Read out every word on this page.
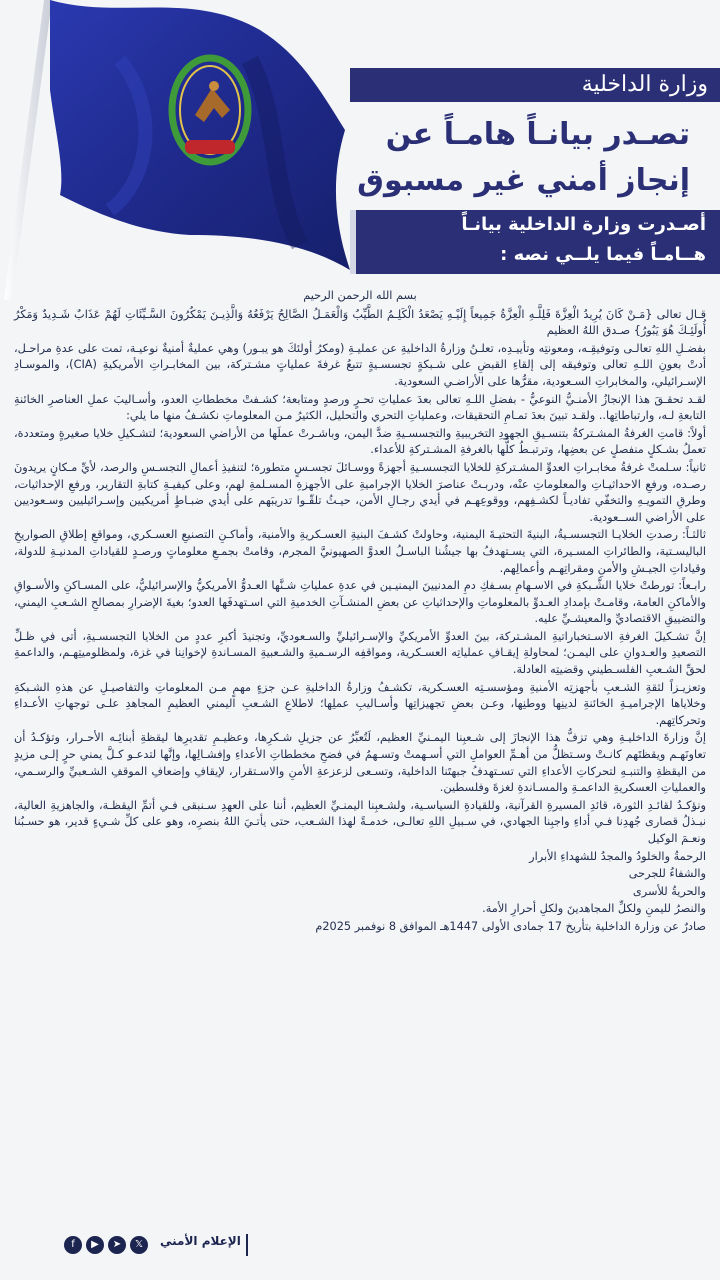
وزارة الداخلية
تصـدر بيانـاً هامـاً عن
إنجاز أمني غير مسبوق
أصـدرت وزارة الداخلية بيانـاً
هــامـاً فيما يلــي نصه :

بسم الله الرحمن الرحيم

قـال تعالى {مَـنْ كَانَ يُرِيدُ الْعِزَّةَ فَلِلَّـهِ الْعِزَّةُ جَمِيعاً إِلَيْـهِ يَصْعَدُ الْكَلِـمُ الطَّيِّبُ وَالْعَمَـلُ الصَّالِحُ يَرْفَعُهُ وَالَّذِيـنَ يَمْكُرُونَ السَّـيِّئَاتِ لَهُمْ عَذَابٌ شَـدِيدٌ وَمَكْرُ أُولَئِـكَ هُوَ يَبُورُ} صـدق اللهُ العظيم

بفضـلِ اللهِ تعالـى وتوفيقِـه، ومعونتِه وتأييـدِه، تعلـنُ وزارةُ الداخليةِ عن عمليـةِ (ومكرُ أولئكَ هو يبـور) وهي عمليةٌ أمنيةٌ نوعيـة، تمت على عدةِ مراحـل، أدتْ بعونِ اللـهِ تعالى وتوفيقه إلى إلقاءِ القبضِ على شـبكةٍ تجسسـيةٍ تتبعُ غرفةَ عملياتٍ مشـتركة، بين المخابـراتِ الأمريكيةِ (CIA)، والموسـادِ الإسـرائيلي، والمخابراتِ السـعودية، مقرُّها على الأراضـي السعودية.

لقـد تحقـقَ هذا الإنجازُ الأمنـيُّ النوعيُّ - بفضلِ اللـهِ تعالى بعدَ عملياتِ تحـرٍ ورصدٍ ومتابعة؛ كشـفتْ مخططاتِ العدو، وأسـاليبَ عملِ العناصرِ الخائنةِ التابعةِ لـه، وارتباطاتِها.. ولقـد تبينَ بعدَ تمـامِ التحقيقات، وعملياتِ التحري والتحليل، الكثيرُ مـن المعلوماتِ نكشـفُ منها ما يلي:

أولاً: قامتِ الغرفةُ المشـتركةُ بتنسـيقِ الجهودِ التخريبيةِ والتجسسـيةِ ضدَّ اليمن، وباشـرتْ عملَها من الأراضي السعودية؛ لتشـكيلِ خلايا صغيرةٍ ومتعددة، تعملُ بشـكلٍ منفصلٍ عن بعضِها، وترتبـطُ كلُّها بالغرفةِ المشـتركةِ للأعداء.

ثانياً: سـلمتْ غرفةُ مخابـراتِ العدوِّ المشـتركةِ للخلايا التجسسـيةِ أجهزةً ووسـائلَ تجسـسٍ متطورة؛ لتنفيذِ أعمالِ التجسـسِ والرصد، لأيِّ مـكانٍ يريدونَ رصـده، ورفعِ الاحداثيـاتِ والمعلوماتِ عنْه، ودربـتْ عناصرَ الخلايا الإجراميةِ على الأجهزةِ المسـلمةِ لهم، وعلى كيفيـةِ كتابةِ التقارير، ورفعِ الإحداثيات، وطرقِ التمويـهِ والتخفّي تفاديـاً لكشـفِهم، ووقوعِهـم في أيدي رجـالِ الأمن، حيـثُ تلقّـوا تدريبَهم على أيدي ضبـاطٍ أمريكيين وإسـرائيليين وسـعوديين على الأراضي الســعودية.

ثالثـاً: رصدتِ الخلايـا التجسسـيةُ، البنيةَ التحتيـةَ اليمنية، وحاولتْ كشـفَ البنيةِ العسـكريةِ والأمنية، وأماكـنِ التصنيعِ العسـكري، ومواقعِ إطلاقِ الصواريخِ الباليسـتية، والطائراتِ المسـيرة، التي يسـتهدفُ بها جيشُنا الباسـلُ العدوَّ الصهيونيَّ المجرم، وقامتْ بجمـعِ معلوماتٍ ورصـدٍ للقياداتِ المدنيـةِ للدولة، وقياداتِ الجيـشِ والأمنِ ومقراتِهـم وأعمالِهم.

رابـعاً: تورطتْ خلايا الشَّـبكةِ في الاسـهامِ بسـفكِ دمِ المدنيينَ اليمنيـين في عدةِ عملياتِ شـنَّها العـدوُّ الأمريكيُّ والإسرائيليُّ، على المسـاكنِ والأسـواقِ والأماكنِ العامة، وقامـتْ بإمدادِ العـدوِّ بالمعلوماتِ والإحداثياتِ عن بعضِ المنشـآتِ الخدميةِ التي اسـتهدفَها العدو؛ بغيةَ الإضرارِ بمصالحِ الشـعبِ اليمني، والتضييقِ الاقتصاديِّ والمعيشـيِّ عليه.

إنَّ تشـكيلَ الغرفةِ الاسـتخباراتيةِ المشـتركة، بينَ العدوِّ الأمريكيِّ والإسـرائيليِّ والسـعوديِّ، وتجنيدَ أكبرِ عددٍ من الخلايا التجسسـيةِ، أتى في ظـلِّ التصعيدِ والعـدوانِ على اليمـن؛ لمحاولةِ إيقـافِ عملياتِه العسـكرية، ومواقفِه الرسـميةِ والشـعبيةِ المسـاندةِ لإخوانِنا في غزة، ولمظلوميتِهـم، والداعمةِ لحقِّ الشـعبِ الفلسـطيني وقضيتِه العادلة.

وتعزيـزاً لثقةِ الشـعبِ بأجهزتِه الأمنيةِ ومؤسسـتِه العسـكرية، تكشـفُ وزارةُ الداخليةِ عـن جزءٍ مهمٍ مـن المعلوماتِ والتفاصيـلِ عن هذهِ الشـبكةِ وخلاياها الإجراميـةِ الخائنةِ لدينِها ووطنِها، وعـن بعضِ تجهيزاتِها وأسـاليبِ عملِها؛ لاطلاعِ الشـعبِ اليمني العظيمِ المجاهدِ علـى توجهاتِ الأعـداءِ وتحركاتِهم.

إنَّ وزارةَ الداخليـةِ وهي تزفُّ هذا الإنجازَ إلى شـعبِنا اليمـنيِّ العظيم، لَتُعبِّرُ عن جزيلِ شـكرِها، وعظيـمِ تقديرِها ليقظةِ أبنائِـه الأحـرار، وتؤكـدُ أن تعاونَهـم ويقظتَهم كانـتْ وسـتظلُّ من أهـمِّ العواملِ التي أسـهمتْ وتسـهمُ في فضحِ مخططاتِ الأعداءِ وإفشـالِها، وإنَّها لتدعـو كـلَّ يمني حرٍ إلـى مزيدٍ من اليقظةِ والتنبـهِ لتحركاتِ الأعداءِ التي تسـتهدفُ جبهتَنا الداخلية، وتسـعى لزعزعةِ الأمنِ والاسـتقرار، لإيقافِ وإضعافِ الموقفِ الشـعبيِّ والرسـمي، والعملياتِ العسكريةِ الداعمـةِ والمسـاندةِ لغزةَ وفلسطين.

ونؤكـدُ لقائـدِ الثورة، قائدِ المسيرةِ القرآنية، وللقيادةِ السياسـية، ولشـعبِنا اليمنـيِّ العظيم، أننا على العهدِ سـنبقى فـي أتمِّ اليقظـة، والجاهزيةِ العالية، نبـذلُ قصارى جُهدِنا فـي أداءِ واجبِنا الجهادي، في سـبيلِ اللهِ تعالـى، خدمـةً لهذا الشـعب، حتى يأتـيَ اللهُ بنصرِه، وهو على كلِّ شـيءٍ قدير، هو حسـبُنا ونعـمَ الوكيل

الرحمةُ والخلودُ والمجدُ للشهداءِ الأبرار

والشفاءُ للجرحى

والحريةُ للأسرى

والنصرُ لليمنِ ولكلِّ المجاهدينَ ولكلِ أحرارِ الأمة.

صادرٌ عن وزارة الداخلية بتأريخ 17 جمادى الأولى 1447هـ الموافق 8 نوفمبر 2025م

الإعلام الأمني
𝕏
➤
▶
f
